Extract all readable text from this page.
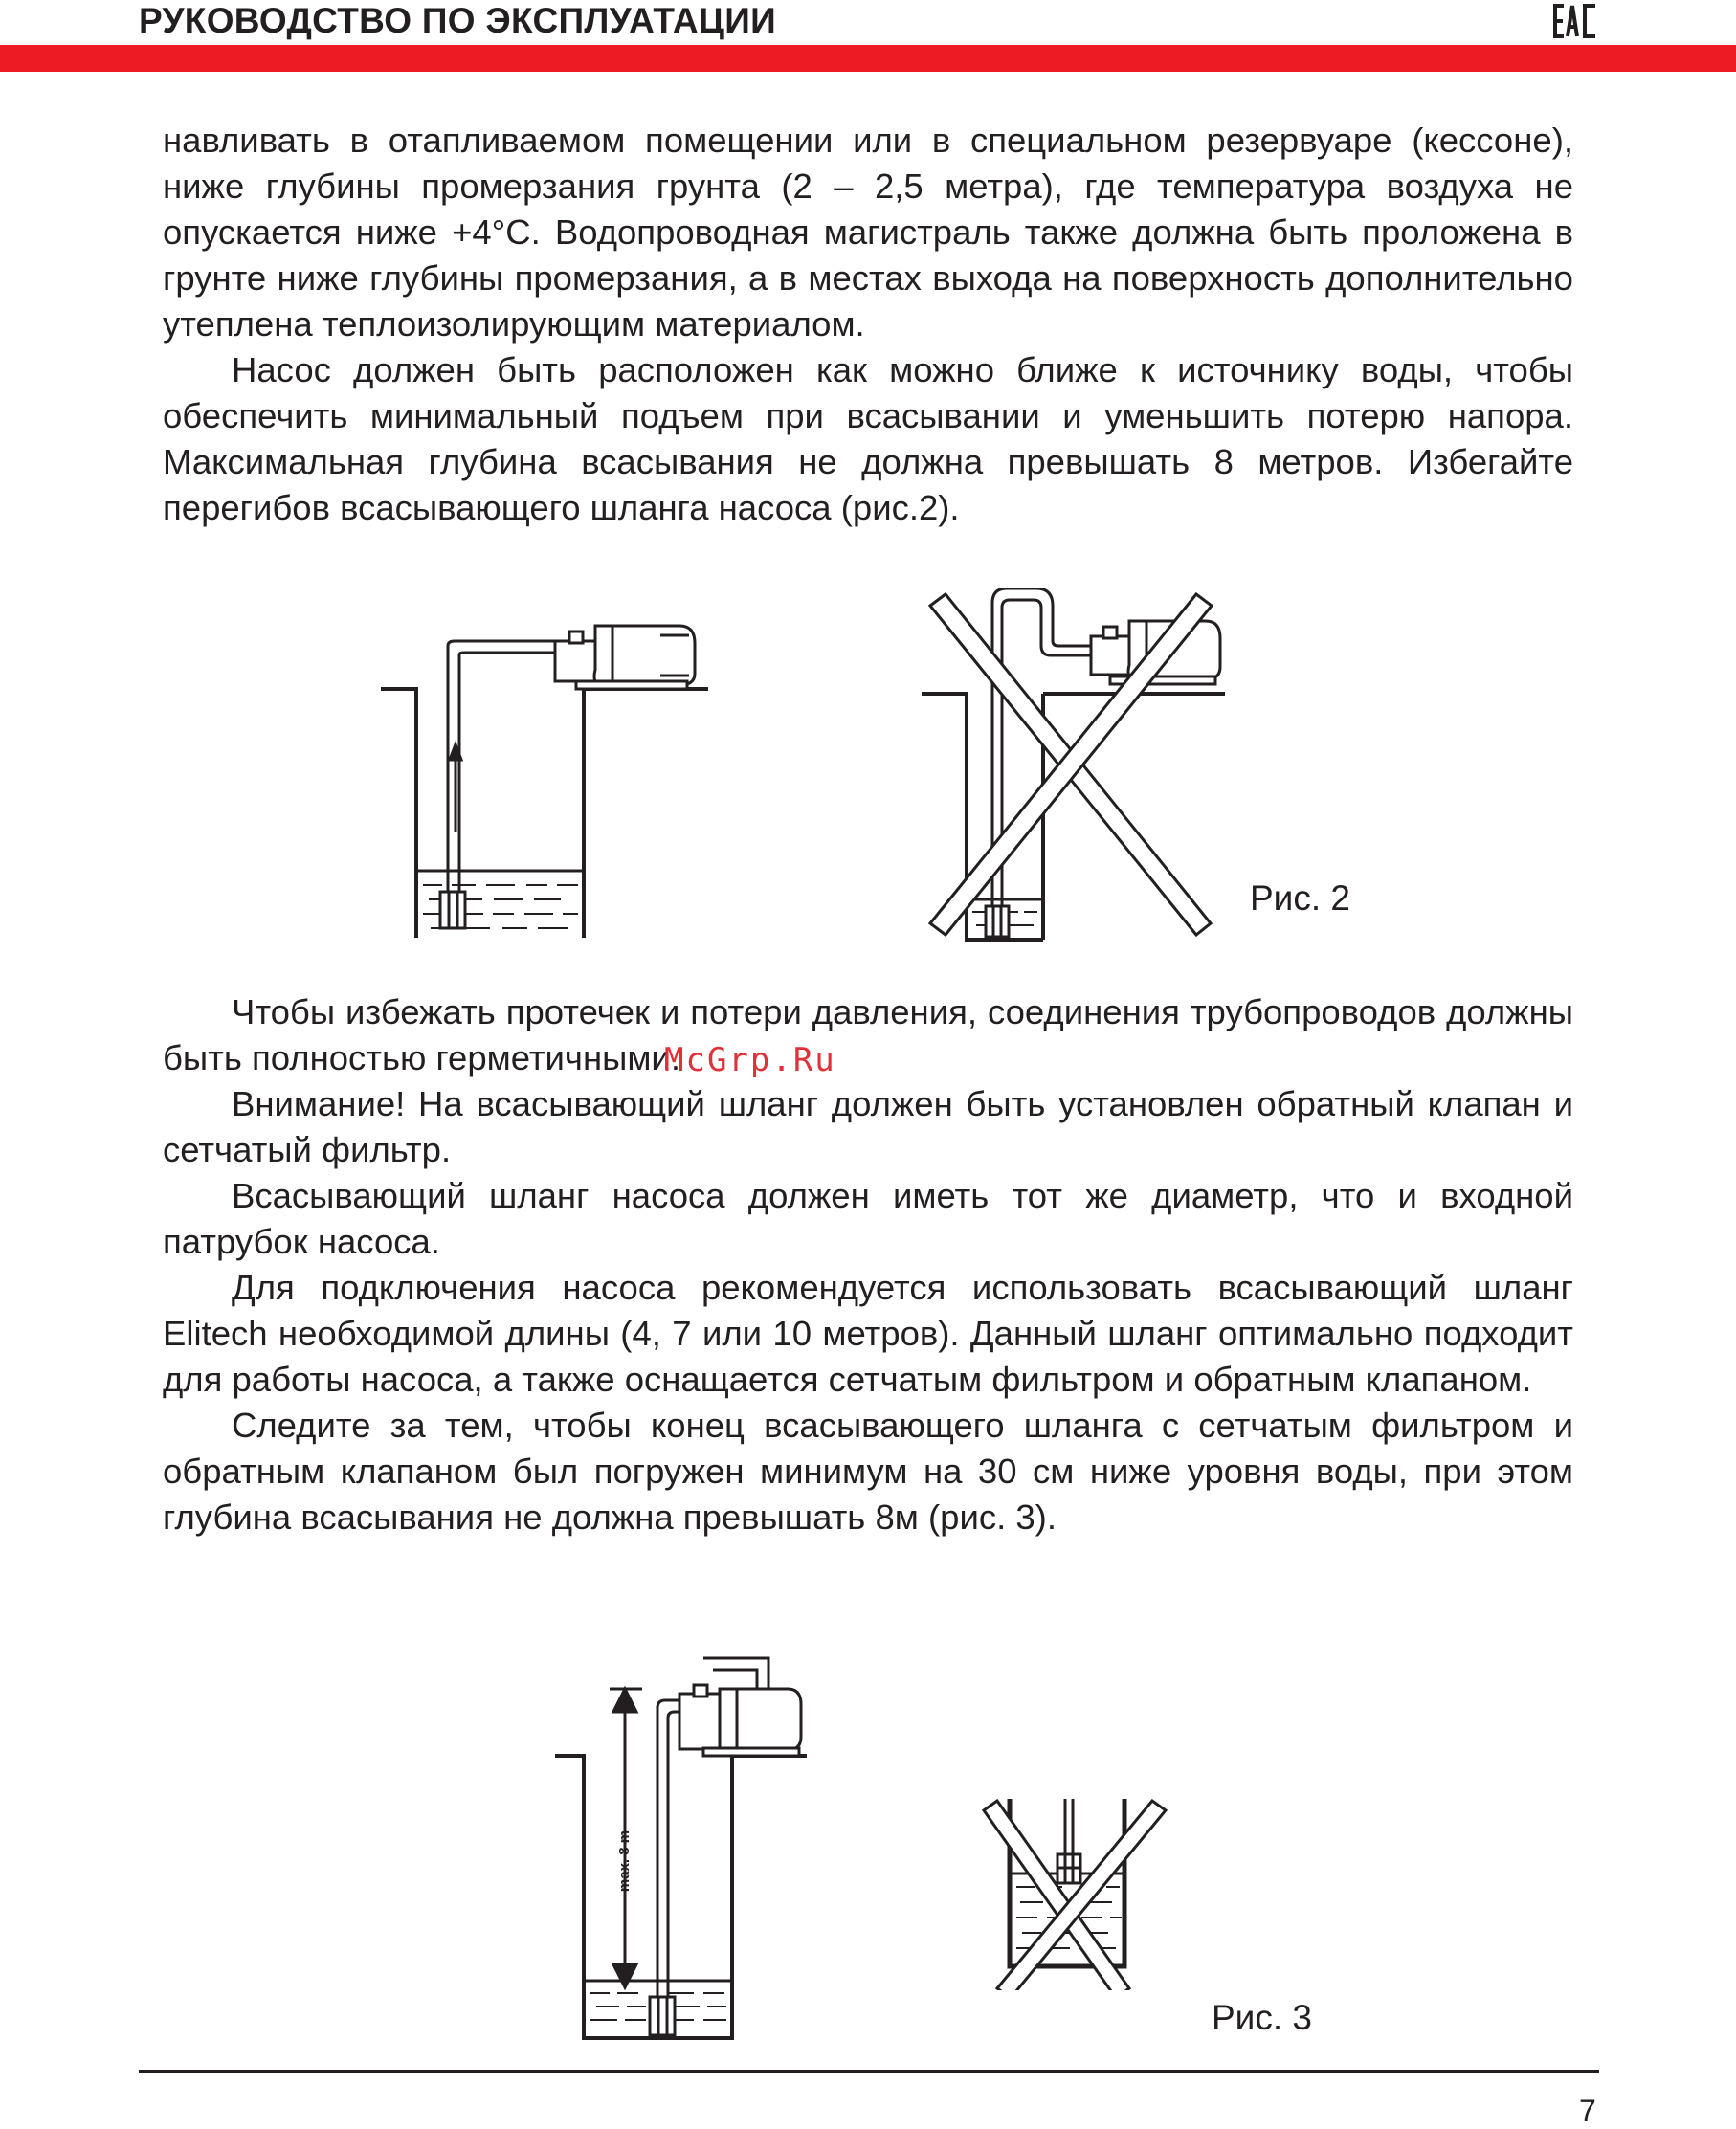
РУКОВОДСТВО ПО ЭКСПЛУАТАЦИИ

навливать в отапливаемом помещении или в специальном резервуаре (кессоне), ниже глубины промерзания грунта (2 – 2,5 метра), где температура воздуха не опускается ниже +4°С. Водопроводная магистраль также должна быть проложена в грунте ниже глубины промерзания, а в местах выхода на поверхность дополнительно утеплена теплоизолирующим материалом.

Насос должен быть расположен как можно ближе к источнику воды, чтобы обеспечить минимальный подъем при всасывании и уменьшить потерю напора. Максимальная глубина всасывания не должна превышать 8 метров. Избегайте перегибов всасывающего шланга насоса (рис.2).

Рис. 2

Чтобы избежать протечек и потери давления, соединения трубопроводов должны быть полностью герметичными.

Внимание! На всасывающий шланг должен быть установлен обратный клапан и сетчатый фильтр.

Всасывающий шланг насоса должен иметь тот же диаметр, что и входной патрубок насоса.

Для подключения насоса рекомендуется использовать всасывающий шланг Elitech необходимой длины (4, 7 или 10 метров). Данный шланг оптимально подходит для работы насоса, а также оснащается сетчатым фильтром и обратным клапаном.

Следите за тем, чтобы конец всасывающего шланга с сетчатым фильтром и обратным клапаном был погружен минимум на 30 см ниже уровня воды, при этом глубина всасывания не должна превышать 8м (рис. 3).

McGrp.Ru
max. 8 m
Рис. 3
7
